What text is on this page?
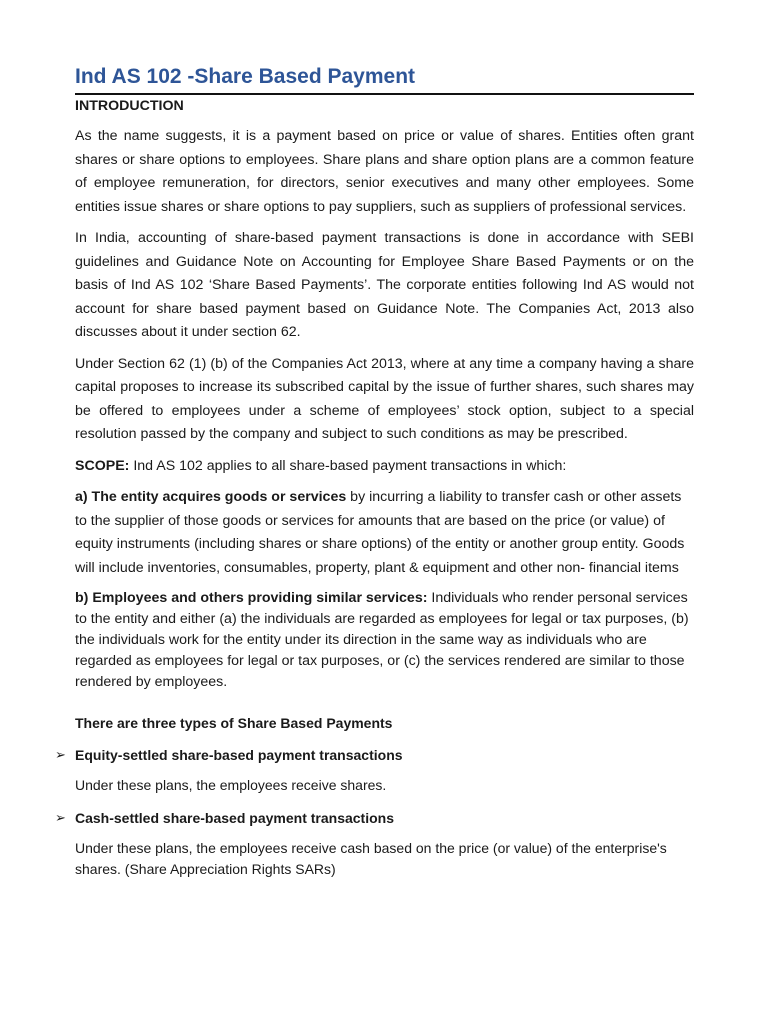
Ind AS 102 -Share Based Payment
INTRODUCTION

As the name suggests, it is a payment based on price or value of shares. Entities often grant shares or share options to employees. Share plans and share option plans are a common feature of employee remuneration, for directors, senior executives and many other employees. Some entities issue shares or share options to pay suppliers, such as suppliers of professional services.

In India, accounting of share-based payment transactions is done in accordance with SEBI guidelines and Guidance Note on Accounting for Employee Share Based Payments or on the basis of Ind AS 102 ‘Share Based Payments’. The corporate entities following Ind AS would not account for share based payment based on Guidance Note. The Companies Act, 2013 also discusses about it under section 62.

Under Section 62 (1) (b) of the Companies Act 2013, where at any time a company having a share capital proposes to increase its subscribed capital by the issue of further shares, such shares may be offered to employees under a scheme of employees’ stock option, subject to a special resolution passed by the company and subject to such conditions as may be prescribed.

SCOPE: Ind AS 102 applies to all share-based payment transactions in which:

a) The entity acquires goods or services by incurring a liability to transfer cash or other assets to the supplier of those goods or services for amounts that are based on the price (or value) of equity instruments (including shares or share options) of the entity or another group entity. Goods will include inventories, consumables, property, plant & equipment and other non- financial items

b) Employees and others providing similar services: Individuals who render personal services to the entity and either (a) the individuals are regarded as employees for legal or tax purposes, (b) the individuals work for the entity under its direction in the same way as individuals who are regarded as employees for legal or tax purposes, or (c) the services rendered are similar to those rendered by employees.

There are three types of Share Based Payments
➢ Equity-settled share-based payment transactions
Under these plans, the employees receive shares.
➢ Cash-settled share-based payment transactions
Under these plans, the employees receive cash based on the price (or value) of the enterprise's shares. (Share Appreciation Rights SARs)
